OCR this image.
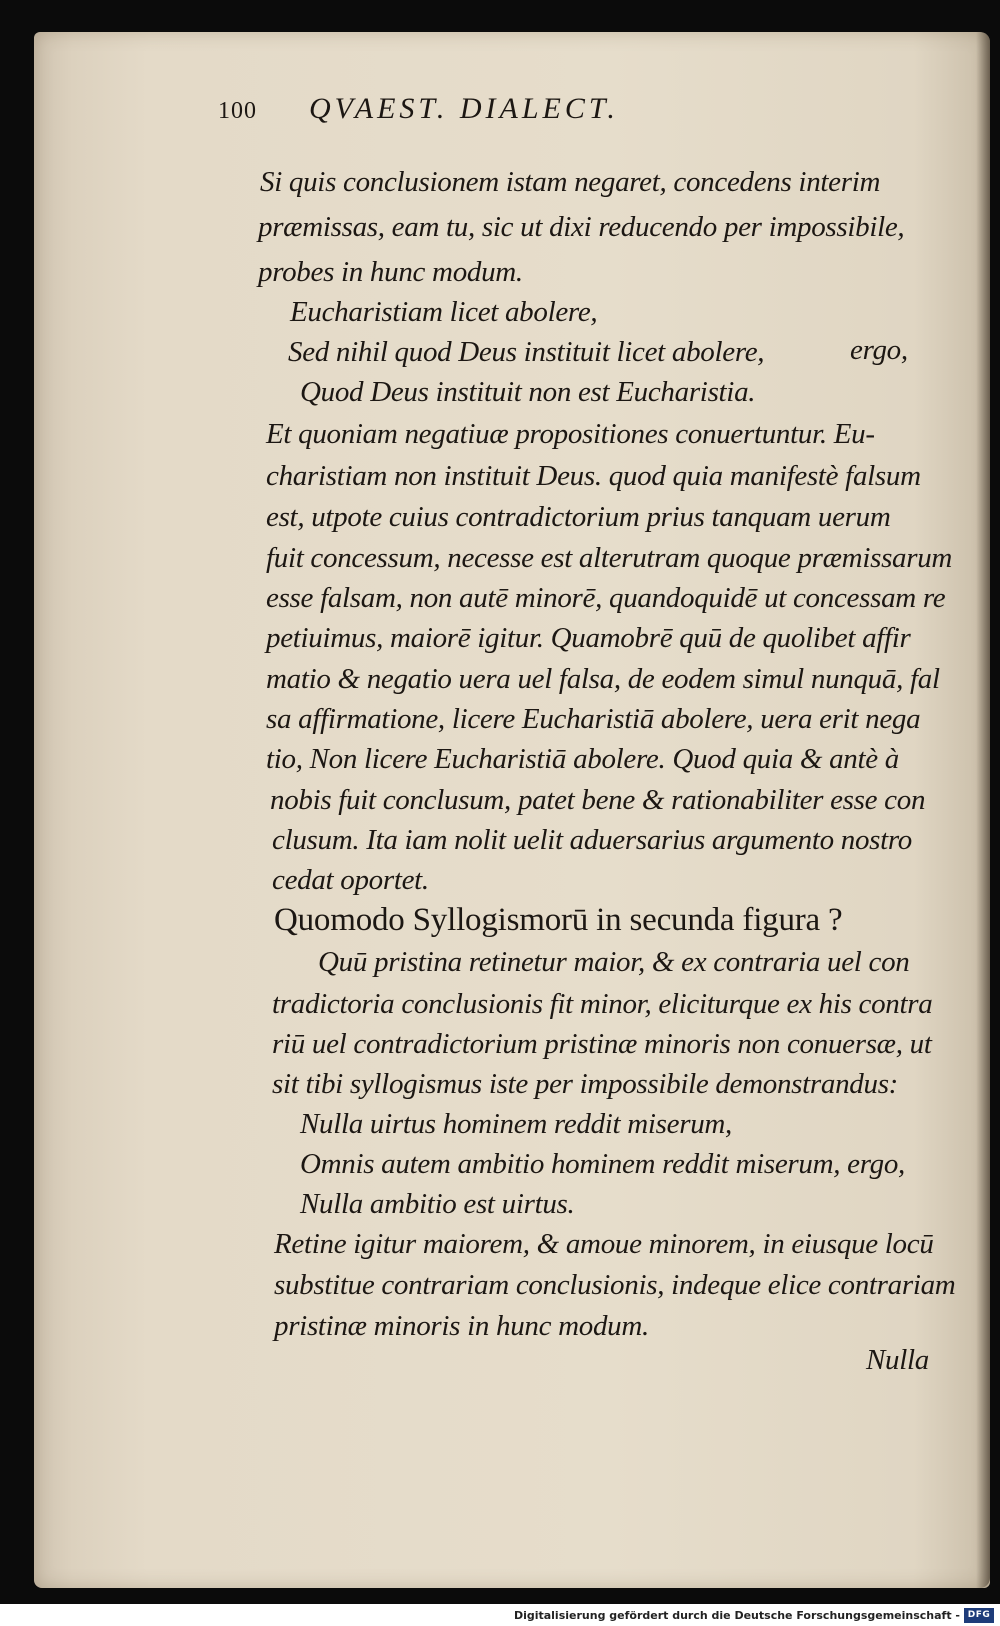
100 QVAEST. DIALECT.
Si quis conclusionem istam negaret, concedens interim
præmissas, eam tu, sic ut dixi reducendo per impossibile,
probes in hunc modum.
Eucharistiam licet abolere,
Sed nihil quod Deus instituit licet abolere,	ergo,
Quod Deus instituit non est Eucharistia.
Et quoniam negatiuæ propositiones conuertuntur. Eu-
charistiam non instituit Deus. quod quia manifestè falsum
est, utpote cuius contradictorium prius tanquam uerum
fuit concessum, necesse est alterutram quoque præmissarum
esse falsam, non autē minorē, quandoquidē ut concessam re
petiuimus, maiorē igitur. Quamobrē quū de quolibet affir
matio & negatio uera uel falsa, de eodem simul nunquā, fal
sa affirmatione, licere Eucharistiā abolere, uera erit nega
tio, Non licere Eucharistiā abolere. Quod quia & antè à
nobis fuit conclusum, patet bene & rationabiliter esse con
clusum. Ita iam nolit uelit aduersarius argumento nostro
cedat oportet.
Quomodo Syllogismorū in secunda figura ?
Quū pristina retinetur maior, & ex contraria uel con
tradictoria conclusionis fit minor, eliciturque ex his contra
riū uel contradictorium pristinæ minoris non conuersæ, ut
sit tibi syllogismus iste per impossibile demonstrandus:
Nulla uirtus hominem reddit miserum,
Omnis autem ambitio hominem reddit miserum, ergo,
Nulla ambitio est uirtus.
Retine igitur maiorem, & amoue minorem, in eiusque locū
substitue contrariam conclusionis, indeque elice contrariam
pristinæ minoris in hunc modum.
Nulla
Digitalisierung gefördert durch die Deutsche Forschungsgemeinschaft - DFG
